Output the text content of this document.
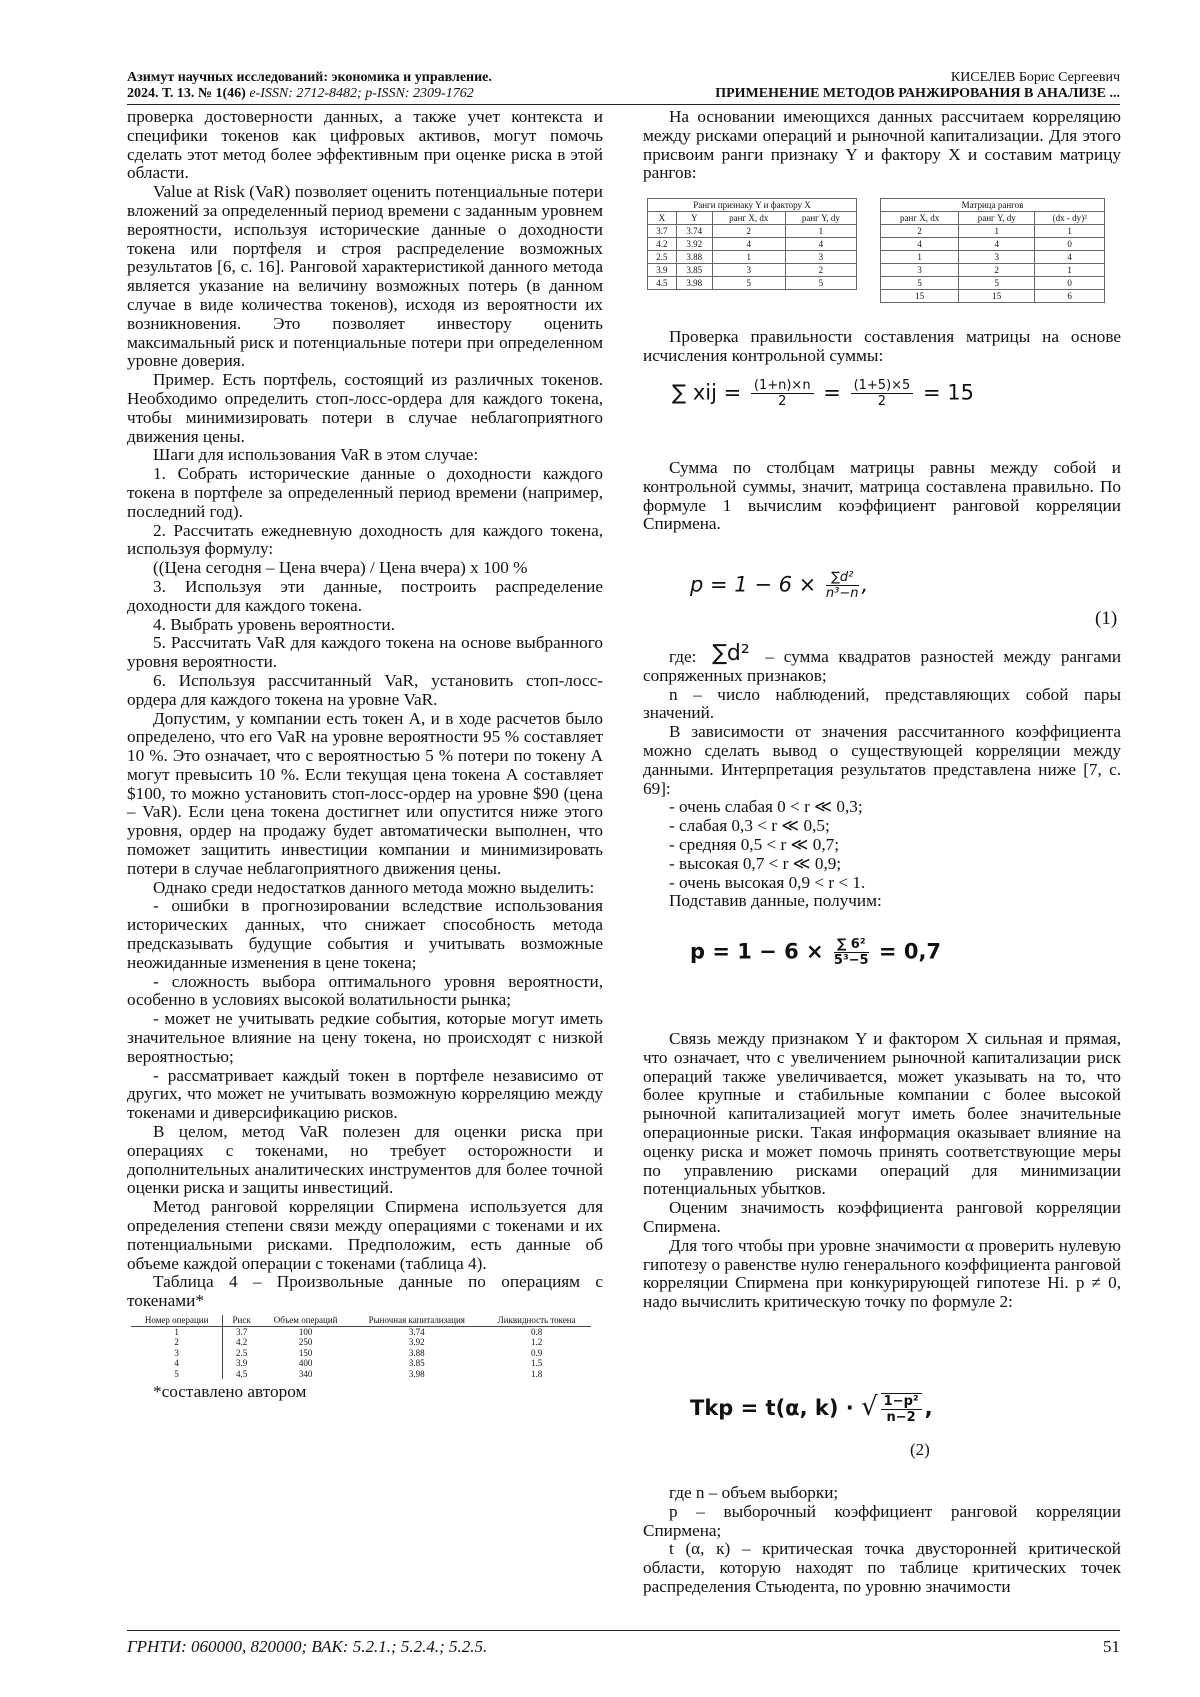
Азимут научных исследований: экономика и управление.
2024. Т. 13. № 1(46) e-ISSN: 2712-8482; p-ISSN: 2309-1762
КИСЕЛЕВ Борис Сергеевич
ПРИМЕНЕНИЕ МЕТОДОВ РАНЖИРОВАНИЯ В АНАЛИЗЕ ...

проверка достоверности данных, а также учет контекста и специфики токенов как цифровых активов, могут помочь сделать этот метод более эффективным при оценке риска в этой области.

Value at Risk (VaR) позволяет оценить потенциальные потери вложений за определенный период времени с заданным уровнем вероятности, используя исторические данные о доходности токена или портфеля и строя распределение возможных результатов [6, с. 16]. Ранговой характеристикой данного метода является указание на величину возможных потерь (в данном случае в виде количества токенов), исходя из вероятности их возникновения. Это позволяет инвестору оценить максимальный риск и потенциальные потери при определенном уровне доверия.

Пример. Есть портфель, состоящий из различных токенов. Необходимо определить стоп-лосс-ордера для каждого токена, чтобы минимизировать потери в случае неблагоприятного движения цены.

Шаги для использования VaR в этом случае:

1. Собрать исторические данные о доходности каждого токена в портфеле за определенный период времени (например, последний год).

2. Рассчитать ежедневную доходность для каждого токена, используя формулу:

((Цена сегодня – Цена вчера) / Цена вчера) x 100 %

3. Используя эти данные, построить распределение доходности для каждого токена.

4. Выбрать уровень вероятности.

5. Рассчитать VaR для каждого токена на основе выбранного уровня вероятности.

6. Используя рассчитанный VaR, установить стоп-лосс-ордера для каждого токена на уровне VaR.

Допустим, у компании есть токен А, и в ходе расчетов было определено, что его VaR на уровне вероятности 95 % составляет 10 %. Это означает, что с вероятностью 5 % потери по токену А могут превысить 10 %. Если текущая цена токена А составляет $100, то можно установить стоп-лосс-ордер на уровне $90 (цена – VaR). Если цена токена достигнет или опустится ниже этого уровня, ордер на продажу будет автоматически выполнен, что поможет защитить инвестиции компании и минимизировать потери в случае неблагоприятного движения цены.

Однако среди недостатков данного метода можно выделить:

- ошибки в прогнозировании вследствие использования исторических данных, что снижает способность метода предсказывать будущие события и учитывать возможные неожиданные изменения в цене токена;

- сложность выбора оптимального уровня вероятности, особенно в условиях высокой волатильности рынка;

- может не учитывать редкие события, которые могут иметь значительное влияние на цену токена, но происходят с низкой вероятностью;

- рассматривает каждый токен в портфеле независимо от других, что может не учитывать возможную корреляцию между токенами и диверсификацию рисков.

В целом, метод VaR полезен для оценки риска при операциях с токенами, но требует осторожности и дополнительных аналитических инструментов для более точной оценки риска и защиты инвестиций.

Метод ранговой корреляции Спирмена используется для определения степени связи между операциями с токенами и их потенциальными рисками. Предположим, есть данные об объеме каждой операции с токенами (таблица 4).

Таблица 4 – Произвольные данные по операциям с токенами*

Номер операции	Риск	Объем операций	Рыночная капитализация	Ликвидность токена
1	3.7	100	3.74	0.8
2	4.2	250	3.92	1.2
3	2.5	150	3.88	0.9
4	3.9	400	3.85	1.5
5	4.5	340	3.98	1.8

*составлено автором

На основании имеющихся данных рассчитаем корреляцию между рисками операций и рыночной капитализации. Для этого присвоим ранги признаку Y и фактору X и составим матрицу рангов:

Ранги признаку Y и фактору X			
X	Y	ранг X, dx	ранг Y, dy
3.7	3.74	2	1
4.2	3.92	4	4
2.5	3.88	1	3
3.9	3.85	3	2
4.5	3.98	5	5
Матрица рангов		
ранг X, dx	ранг Y, dy	(dx - dy)²
2	1	1
4	4	0
1	3	4
3	2	1
5	5	0
15	15	6

Проверка правильности составления матрицы на основе исчисления контрольной суммы:

∑ xij = $\frac{(1+n)\times n}{2} = \frac{(1+5)\times 5}{2} = 15$

Сумма по столбцам матрицы равны между собой и контрольной суммы, значит, матрица составлена правильно. По формуле 1 вычислим коэффициент ранговой корреляции Спирмена.

$p = 1 - 6 \times \frac{\text{∑d²}}{\text{n³−n}}$ ,
(1)

где: ∑d² – сумма квадратов разностей между рангами сопряженных признаков;

n – число наблюдений, представляющих собой пары значений.

В зависимости от значения рассчитанного коэффициента можно сделать вывод о существующей корреляции между данными. Интерпретация результатов представлена ниже [7, с. 69]:

- очень слабая 0 < r ≪ 0,3;

- слабая 0,3 < r ≪ 0,5;

- средняя 0,5 < r ≪ 0,7;

- высокая 0,7 < r ≪ 0,9;

- очень высокая 0,9 < r < 1.

Подставив данные, получим:

$p = 1 - 6 \times \frac{\text{∑ 6²}}{\text{5³−5}} = 0,7$

Связь между признаком Y и фактором X сильная и прямая, что означает, что с увеличением рыночной капитализации риск операций также увеличивается, может указывать на то, что более крупные и стабильные компании с более высокой рыночной капитализацией могут иметь более значительные операционные риски. Такая информация оказывает влияние на оценку риска и может помочь принять соответствующие меры по управлению рисками операций для минимизации потенциальных убытков.

Оценим значимость коэффициента ранговой корреляции Спирмена.

Для того чтобы при уровне значимости α проверить нулевую гипотезу о равенстве нулю генерального коэффициента ранговой корреляции Спирмена при конкурирующей гипотезе Hi. p ≠ 0, надо вычислить критическую точку по формуле 2:

Tkp = t(α, k) · √ $\frac{\text{1−p²}}{n-2}$ ,
(2)

где n – объем выборки;

p – выборочный коэффициент ранговой корреляции Спирмена;

t (α, к) – критическая точка двусторонней критической области, которую находят по таблице критических точек распределения Стьюдента, по уровню значимости

ГРНТИ: 060000, 820000; ВАК: 5.2.1.; 5.2.4.; 5.2.5.	51
